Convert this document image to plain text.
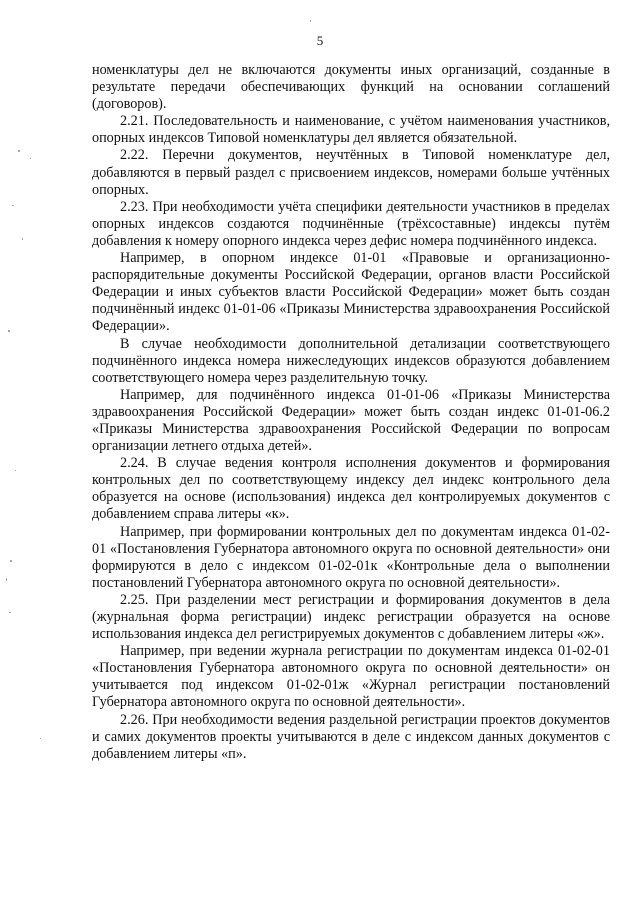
5

номенклатуры дел не включаются документы иных организаций, созданные в результате передачи обеспечивающих функций на основании соглашений (договоров).

2.21. Последовательность и наименование, с учётом наименования участников, опорных индексов Типовой номенклатуры дел является обязательной.

2.22. Перечни документов, неучтённых в Типовой номенклатуре дел, добавляются в первый раздел с присвоением индексов, номерами больше учтённых опорных.

2.23. При необходимости учёта специфики деятельности участников в пределах опорных индексов создаются подчинённые (трёхсоставные) индексы путём добавления к номеру опорного индекса через дефис номера подчинённого индекса.

Например, в опорном индексе 01-01 «Правовые и организационно-распорядительные документы Российской Федерации, органов власти Российской Федерации и иных субъектов власти Российской Федерации» может быть создан подчинённый индекс 01-01-06 «Приказы Министерства здравоохранения Российской Федерации».

В случае необходимости дополнительной детализации соответствующего подчинённого индекса номера нижеследующих индексов образуются добавлением соответствующего номера через разделительную точку.

Например, для подчинённого индекса 01-01-06 «Приказы Министерства здравоохранения Российской Федерации» может быть создан индекс 01-01-06.2 «Приказы Министерства здравоохранения Российской Федерации по вопросам организации летнего отдыха детей».

2.24. В случае ведения контроля исполнения документов и формирования контрольных дел по соответствующему индексу дел индекс контрольного дела образуется на основе (использования) индекса дел контролируемых документов с добавлением справа литеры «к».

Например, при формировании контрольных дел по документам индекса 01-02-01 «Постановления Губернатора автономного округа по основной деятельности» они формируются в дело с индексом 01-02-01к «Контрольные дела о выполнении постановлений Губернатора автономного округа по основной деятельности».

2.25. При разделении мест регистрации и формирования документов в дела (журнальная форма регистрации) индекс регистрации образуется на основе использования индекса дел регистрируемых документов с добавлением литеры «ж».

Например, при ведении журнала регистрации по документам индекса 01-02-01 «Постановления Губернатора автономного округа по основной деятельности» он учитывается под индексом 01-02-01ж «Журнал регистрации постановлений Губернатора автономного округа по основной деятельности».

2.26. При необходимости ведения раздельной регистрации проектов документов и самих документов проекты учитываются в деле с индексом данных документов с добавлением литеры «п».
